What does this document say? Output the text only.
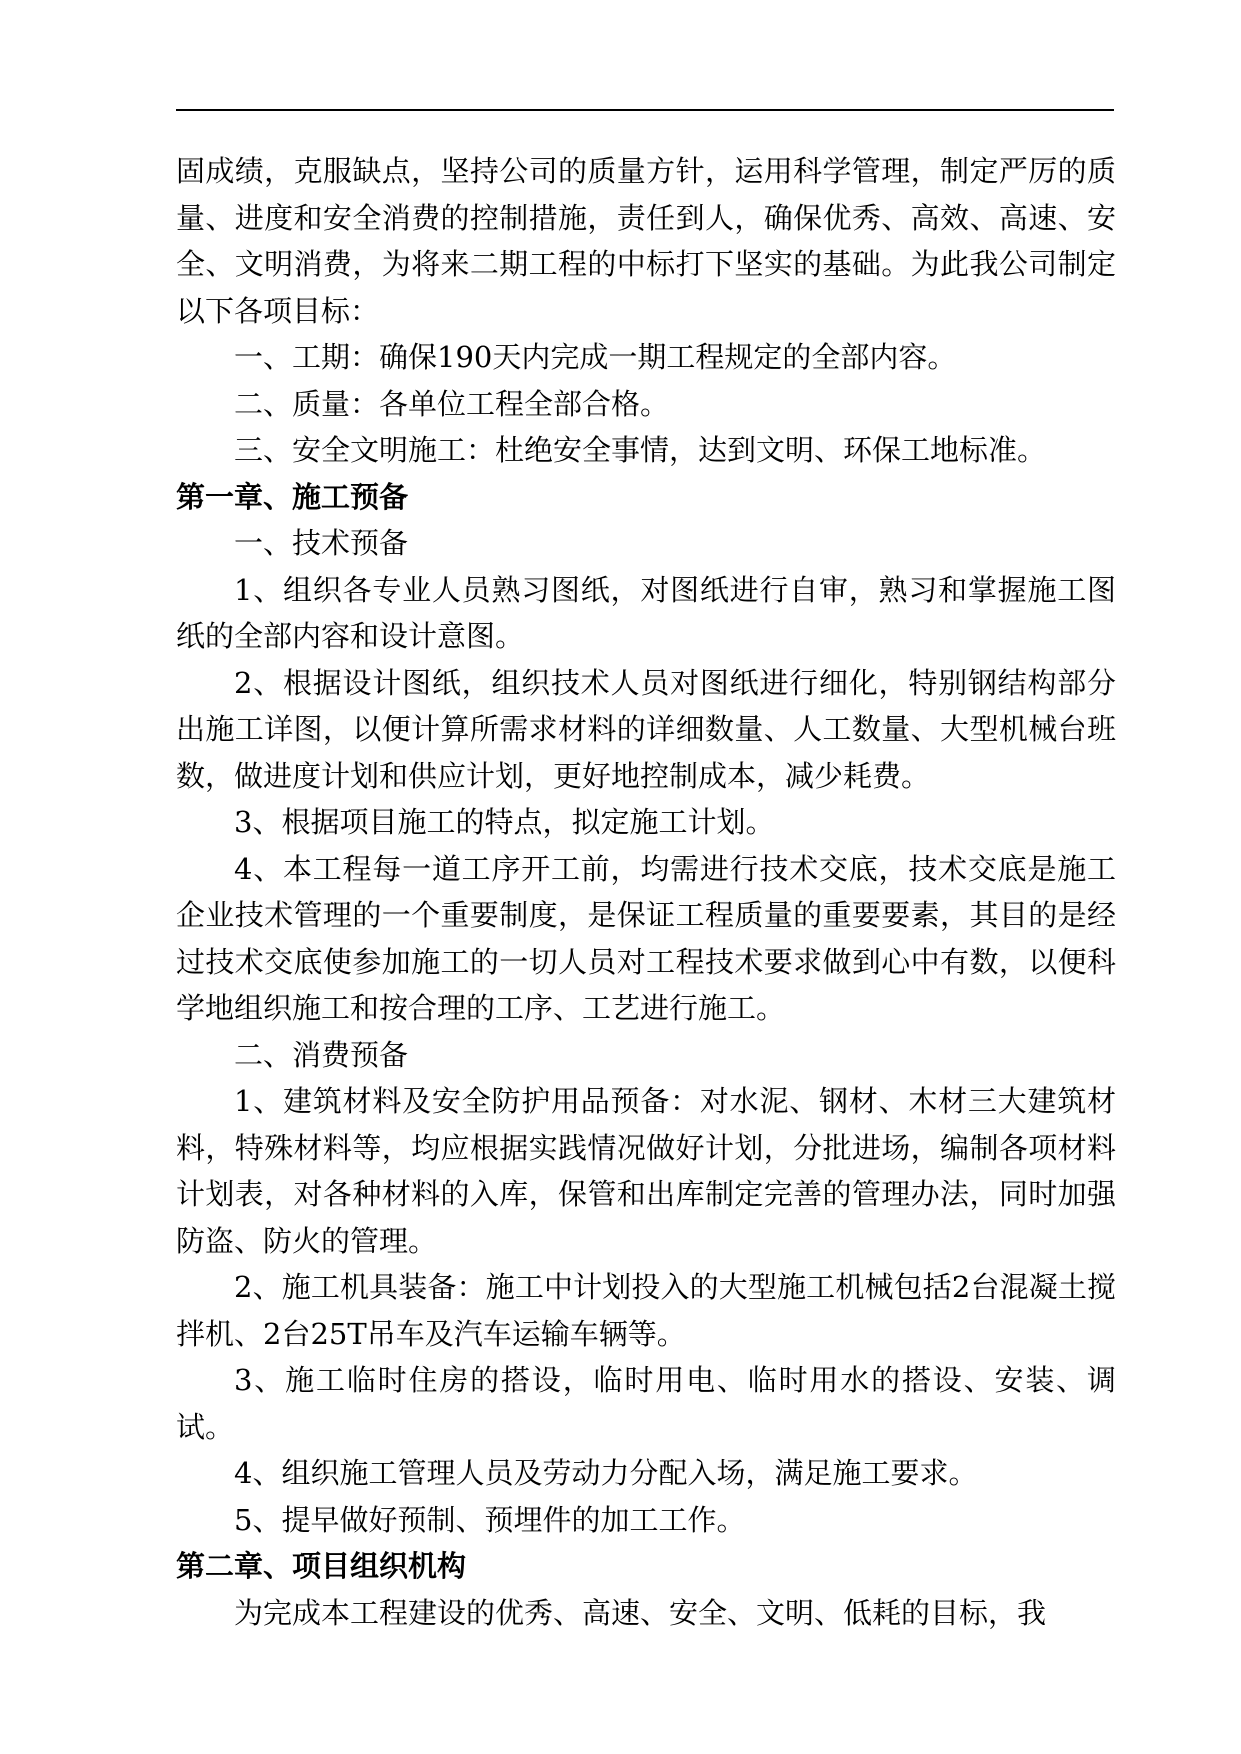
固成绩，克服缺点，坚持公司的质量方针，运用科学管理，制定严厉的质量、进度和安全消费的控制措施，责任到人，确保优秀、高效、高速、安全、文明消费，为将来二期工程的中标打下坚实的基础。为此我公司制定以下各项目标：

一、工期：确保190天内完成一期工程规定的全部内容。

二、质量：各单位工程全部合格。

三、安全文明施工：杜绝安全事情，达到文明、环保工地标准。

第一章、施工预备

一、技术预备

1、组织各专业人员熟习图纸，对图纸进行自审，熟习和掌握施工图纸的全部内容和设计意图。

2、根据设计图纸，组织技术人员对图纸进行细化，特别钢结构部分出施工详图，以便计算所需求材料的详细数量、人工数量、大型机械台班数，做进度计划和供应计划，更好地控制成本，减少耗费。

3、根据项目施工的特点，拟定施工计划。

4、本工程每一道工序开工前，均需进行技术交底，技术交底是施工企业技术管理的一个重要制度，是保证工程质量的重要要素，其目的是经过技术交底使参加施工的一切人员对工程技术要求做到心中有数，以便科学地组织施工和按合理的工序、工艺进行施工。

二、消费预备

1、建筑材料及安全防护用品预备：对水泥、钢材、木材三大建筑材料，特殊材料等，均应根据实践情况做好计划，分批进场，编制各项材料计划表，对各种材料的入库，保管和出库制定完善的管理办法，同时加强防盗、防火的管理。

2、施工机具装备：施工中计划投入的大型施工机械包括2台混凝土搅拌机、2台25T吊车及汽车运输车辆等。

3、施工临时住房的搭设，临时用电、临时用水的搭设、安装、调试。

4、组织施工管理人员及劳动力分配入场，满足施工要求。

5、提早做好预制、预埋件的加工工作。

第二章、项目组织机构

为完成本工程建设的优秀、高速、安全、文明、低耗的目标，我
